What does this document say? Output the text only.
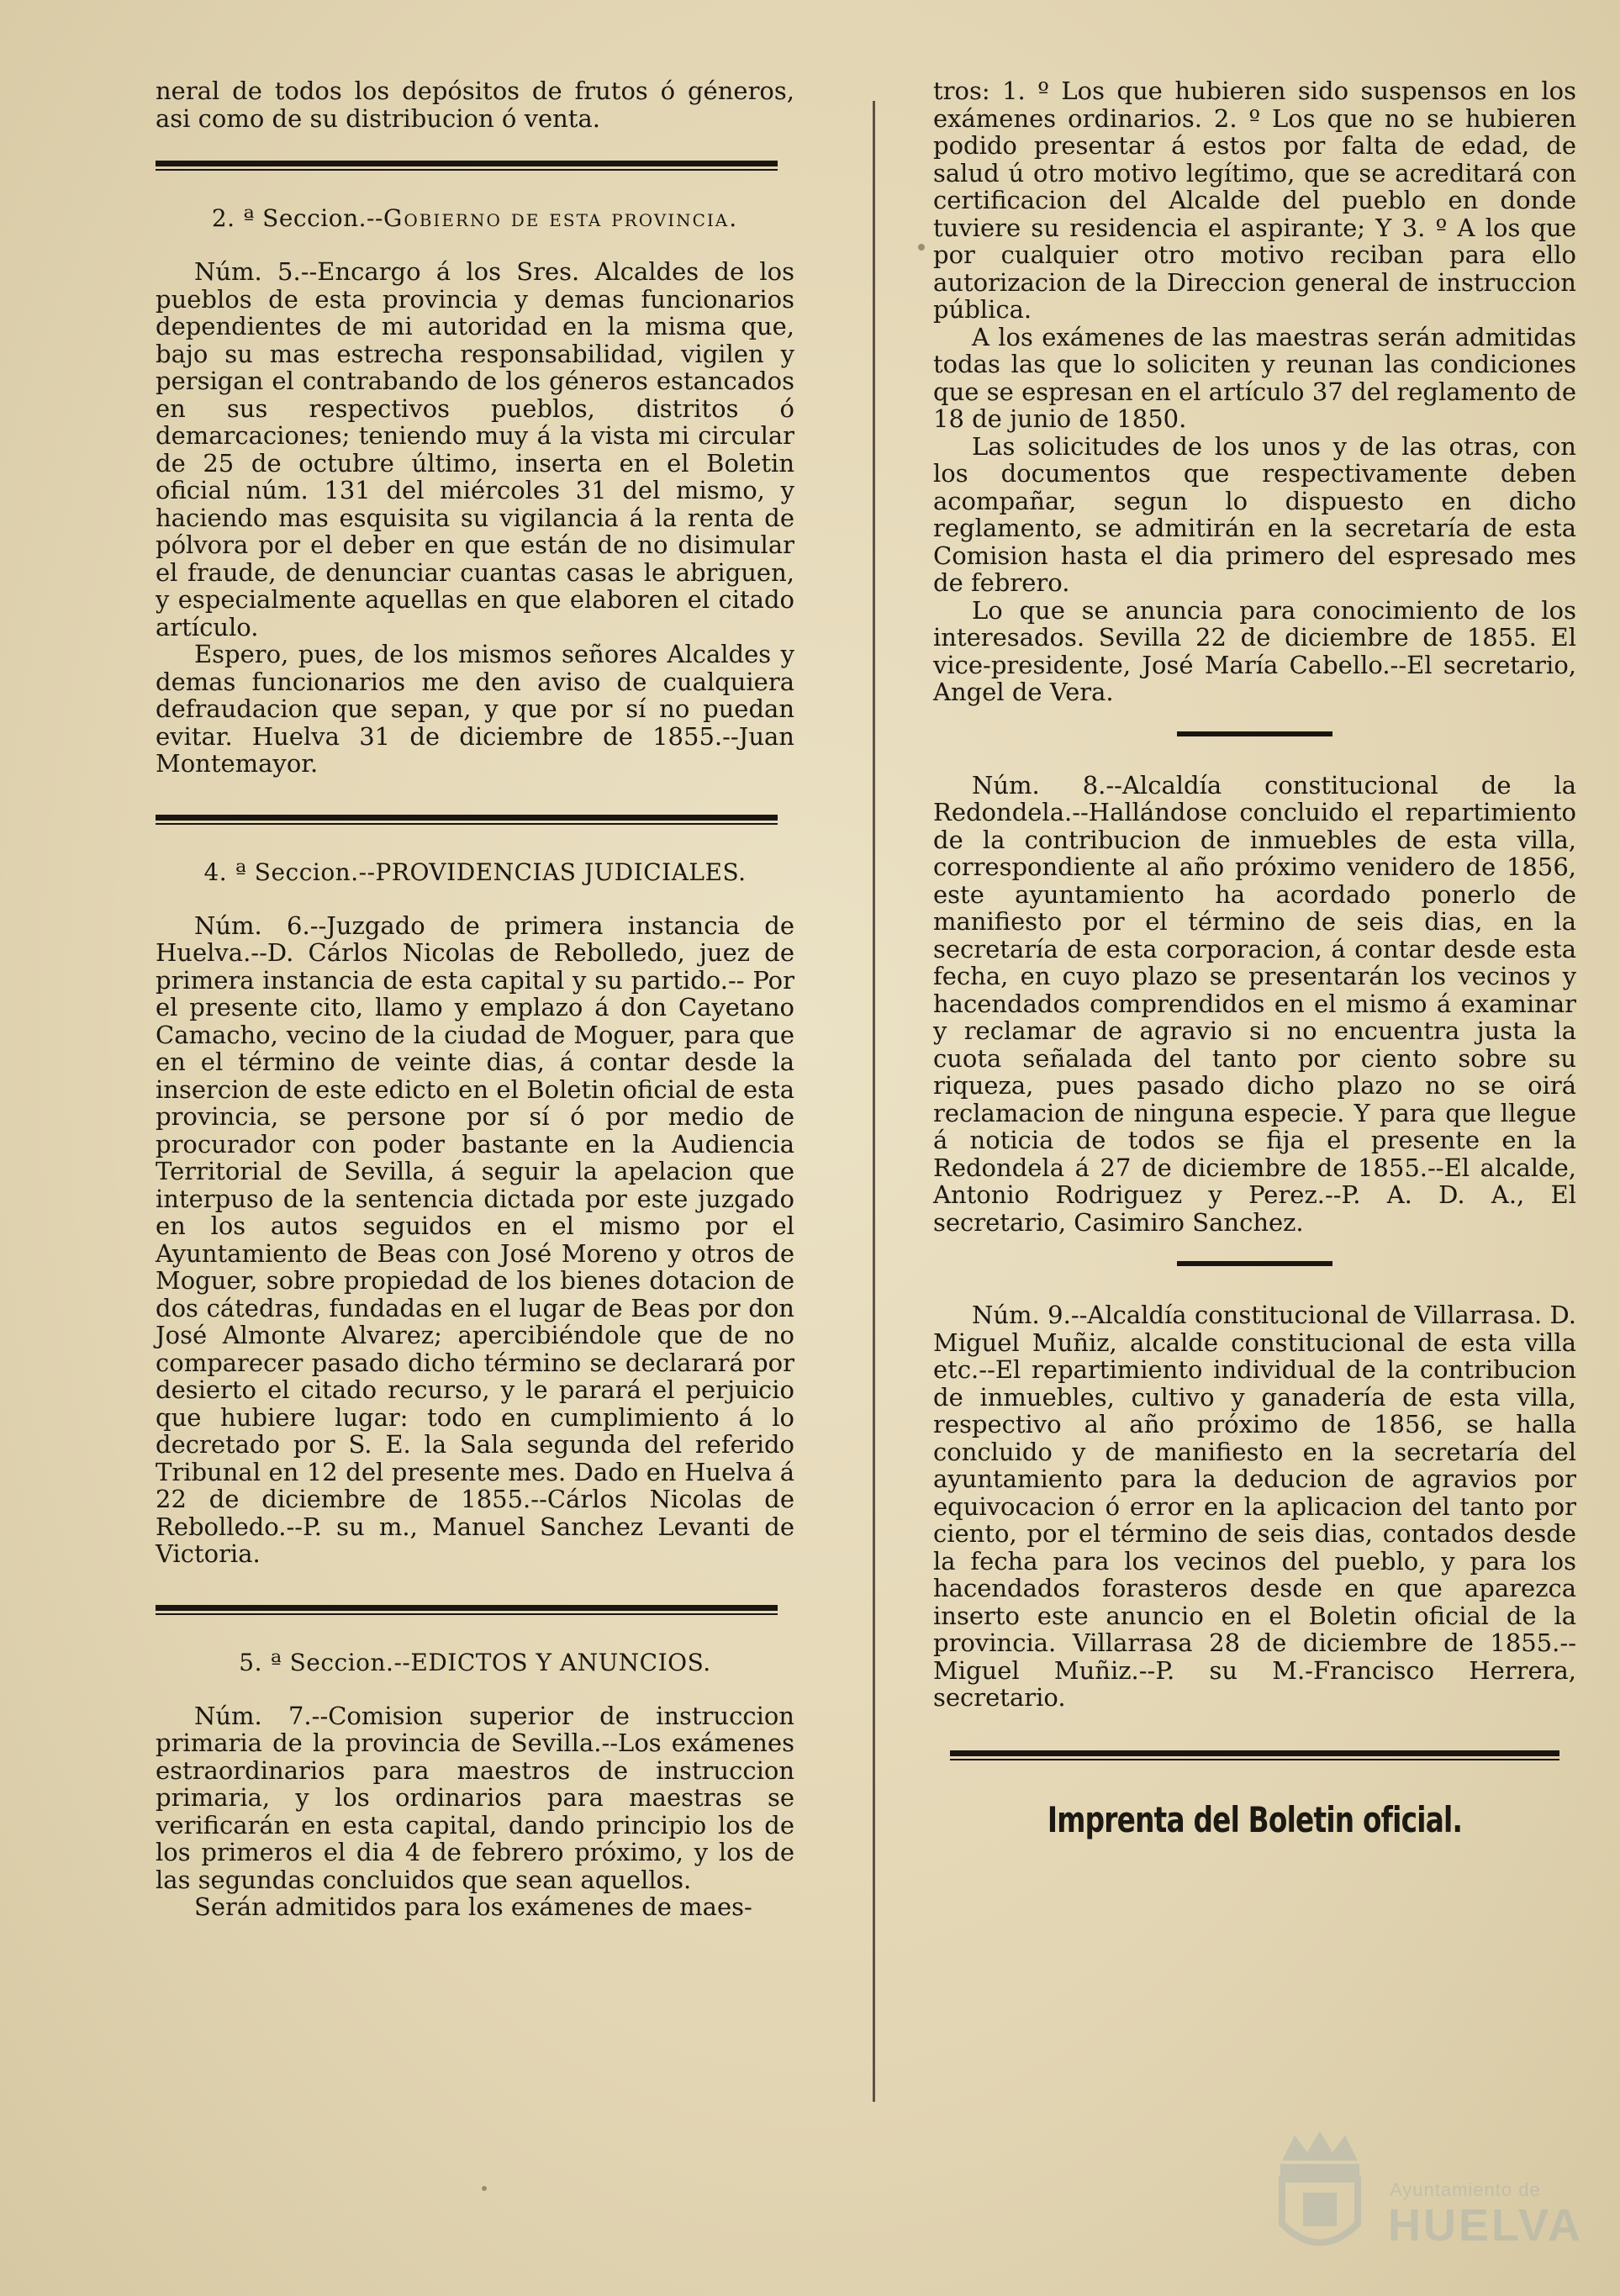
neral de todos los depósitos de frutos ó géneros, asi como de su distribucion ó venta.

2. ª Seccion.--Gobierno de esta provincia.

Núm. 5.--Encargo á los Sres. Alcaldes de los pueblos de esta provincia y demas funcionarios dependientes de mi autoridad en la misma que, bajo su mas estrecha responsabilidad, vigilen y persigan el contrabando de los géneros estancados en sus respectivos pueblos, distritos ó demarcaciones; teniendo muy á la vista mi circular de 25 de octubre último, inserta en el Boletin oficial núm. 131 del miércoles 31 del mismo, y haciendo mas esquisita su vigilancia á la renta de pólvora por el deber en que están de no disimular el fraude, de denunciar cuantas casas le abriguen, y especialmente aquellas en que elaboren el citado artículo.

Espero, pues, de los mismos señores Alcaldes y demas funcionarios me den aviso de cualquiera defraudacion que sepan, y que por sí no puedan evitar. Huelva 31 de diciembre de 1855.--Juan Montemayor.

4. ª Seccion.--PROVIDENCIAS JUDICIALES.

Núm. 6.--Juzgado de primera instancia de Huelva.--D. Cárlos Nicolas de Rebolledo, juez de primera instancia de esta capital y su partido.-- Por el presente cito, llamo y emplazo á don Cayetano Camacho, vecino de la ciudad de Moguer, para que en el término de veinte dias, á contar desde la insercion de este edicto en el Boletin oficial de esta provincia, se persone por sí ó por medio de procurador con poder bastante en la Audiencia Territorial de Sevilla, á seguir la apelacion que interpuso de la sentencia dictada por este juzgado en los autos seguidos en el mismo por el Ayuntamiento de Beas con José Moreno y otros de Moguer, sobre propiedad de los bienes dotacion de dos cátedras, fundadas en el lugar de Beas por don José Almonte Alvarez; apercibiéndole que de no comparecer pasado dicho término se declarará por desierto el citado recurso, y le parará el perjuicio que hubiere lugar: todo en cumplimiento á lo decretado por S. E. la Sala segunda del referido Tribunal en 12 del presente mes. Dado en Huelva á 22 de diciembre de 1855.--Cárlos Nicolas de Rebolledo.--P. su m., Manuel Sanchez Levanti de Victoria.

5. ª Seccion.--EDICTOS Y ANUNCIOS.

Núm. 7.--Comision superior de instruccion primaria de la provincia de Sevilla.--Los exámenes estraordinarios para maestros de instruccion primaria, y los ordinarios para maestras se verificarán en esta capital, dando principio los de los primeros el dia 4 de febrero próximo, y los de las segundas concluidos que sean aquellos.

Serán admitidos para los exámenes de maes-

tros: 1. º Los que hubieren sido suspensos en los exámenes ordinarios. 2. º Los que no se hubieren podido presentar á estos por falta de edad, de salud ú otro motivo legítimo, que se acreditará con certificacion del Alcalde del pueblo en donde tuviere su residencia el aspirante; Y 3. º A los que por cualquier otro motivo reciban para ello autorizacion de la Direccion general de instruccion pública.

A los exámenes de las maestras serán admitidas todas las que lo soliciten y reunan las condiciones que se espresan en el artículo 37 del reglamento de 18 de junio de 1850.

Las solicitudes de los unos y de las otras, con los documentos que respectivamente deben acompañar, segun lo dispuesto en dicho reglamento, se admitirán en la secretaría de esta Comision hasta el dia primero del espresado mes de febrero.

Lo que se anuncia para conocimiento de los interesados. Sevilla 22 de diciembre de 1855. El vice-presidente, José María Cabello.--El secretario, Angel de Vera.

Núm. 8.--Alcaldía constitucional de la Redondela.--Hallándose concluido el repartimiento de la contribucion de inmuebles de esta villa, correspondiente al año próximo venidero de 1856, este ayuntamiento ha acordado ponerlo de manifiesto por el término de seis dias, en la secretaría de esta corporacion, á contar desde esta fecha, en cuyo plazo se presentarán los vecinos y hacendados comprendidos en el mismo á examinar y reclamar de agravio si no encuentra justa la cuota señalada del tanto por ciento sobre su riqueza, pues pasado dicho plazo no se oirá reclamacion de ninguna especie. Y para que llegue á noticia de todos se fija el presente en la Redondela á 27 de diciembre de 1855.--El alcalde, Antonio Rodriguez y Perez.--P. A. D. A., El secretario, Casimiro Sanchez.

Núm. 9.--Alcaldía constitucional de Villarrasa. D. Miguel Muñiz, alcalde constitucional de esta villa etc.--El repartimiento individual de la contribucion de inmuebles, cultivo y ganadería de esta villa, respectivo al año próximo de 1856, se halla concluido y de manifiesto en la secretaría del ayuntamiento para la deducion de agravios por equivocacion ó error en la aplicacion del tanto por ciento, por el término de seis dias, contados desde la fecha para los vecinos del pueblo, y para los hacendados forasteros desde en que aparezca inserto este anuncio en el Boletin oficial de la provincia. Villarrasa 28 de diciembre de 1855.--Miguel Muñiz.--P. su M.-Francisco Herrera, secretario.

Imprenta del Boletin oficial.
Ayuntamiento de
HUELVA
